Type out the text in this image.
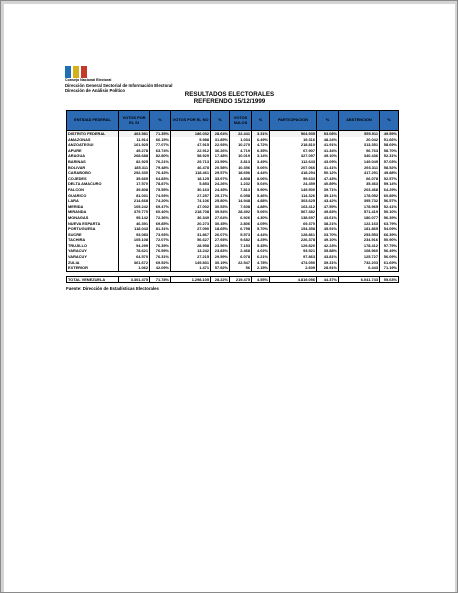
Consejo Nacional Electoral
Dirección General Sectorial de Información Electoral
Dirección de Análisis Político
RESULTADOS ELECTORALES
REFERENDO 15/12/1999
ENTIDAD FEDERAL	VOTOS POR EL SI	%	VOTOS POR EL NO	%	VOTOS NULOS	%	PARTICIPACION	%	ABSTENCION	%
DISTRITO FEDERAL	463.581	71.35%	186.032	28.64%	22.441	3.31%	564.935	53.08%	555.911	49.59%
AMAZONAS	11.914	66.15%	5.988	31.85%	1.034	6.49%	19.316	48.24%	20.042	51.66%
ANZOATEGUI	161.925	77.07%	47.915	22.93%	10.270	4.72%	218.810	41.91%	313.351	58.69%
APURE	49.278	63.74%	22.912	36.26%	4.719	6.35%	67.907	41.34%	96.763	58.70%
ARAGUA	268.688	82.80%	58.929	17.48%	10.019	3.14%	327.097	49.10%	340.436	52.31%
BARINAS	82.925	76.21%	29.713	23.59%	3.813	3.49%	112.643	43.09%	149.049	57.03%
BOLIVAR	185.311	79.48%	46.478	20.58%	10.356	5.06%	207.066	41.41%	293.311	58.52%
CARABOBO	292.330	76.43%	118.461	29.57%	18.696	4.44%	418.294	50.12%	417.291	49.88%
COJEDES	39.669	64.83%	18.125	33.97%	4.808	8.06%	59.633	47.43%	66.078	52.57%
DELTA AMACURO	17.570	78.87%	5.853	24.26%	1.232	5.04%	24.459	40.89%	35.463	59.14%
FALCON	39.808	75.55%	30.163	24.45%	7.813	5.90%	149.500	39.71%	203.468	64.29%
GUARICO	81.031	74.93%	27.257	25.17%	6.058	5.46%	114.326	39.11%	178.052	60.89%
LARA	214.668	74.20%	74.106	25.80%	14.948	4.88%	303.625	43.42%	395.732	56.57%
MERIDA	105.242	69.47%	47.002	30.53%	7.608	4.88%	163.412	47.59%	178.965	52.41%
MIRANDA	379.770	60.40%	218.708	39.54%	28.492	5.06%	567.382	49.83%	571.419	50.10%
MONAGAS	95.142	72.36%	36.349	27.64%	6.926	4.30%	138.697	43.61%	180.077	56.39%
NUEVA ESPARTA	46.391	69.85%	20.273	30.45%	2.806	4.05%	69.370	38.21%	122.163	63.79%
PORTUGUESA	118.043	81.31%	27.090	18.65%	6.798	5.70%	154.358	45.91%	181.865	54.09%
SUCRE	93.083	73.93%	31.867	26.07%	5.573	4.44%	128.861	33.70%	253.553	66.39%
TACHIRA	105.108	72.07%	56.627	27.93%	9.682	4.25%	226.378	49.10%	234.916	50.90%
TRUJILLO	94.299	76.39%	28.958	23.56%	7.153	5.45%	129.820	42.23%	178.412	57.79%
YARACUY	78.621	76.59%	13.242	23.83%	2.468	4.02%	93.521	35.88%	108.960	56.49%
VARACUY	64.570	76.31%	27.215	29.59%	6.078	6.21%	97.863	43.81%	125.727	56.09%
ZULIA	361.672	69.52%	149.831	30.19%	22.547	4.78%	474.050	39.31%	732.203	61.69%
EXTERIOR	1.062	42.09%	1.471	57.92%	56	2.15%	2.609	28.91%	6.443	71.19%

TOTAL VENEZUELA	3.301.475	71.78%	1.298.105	28.22%	219.475	4.55%	4.819.056	44.37%	6.041.743	55.63%
Fuente: Dirección de Estadísticas Electorales
